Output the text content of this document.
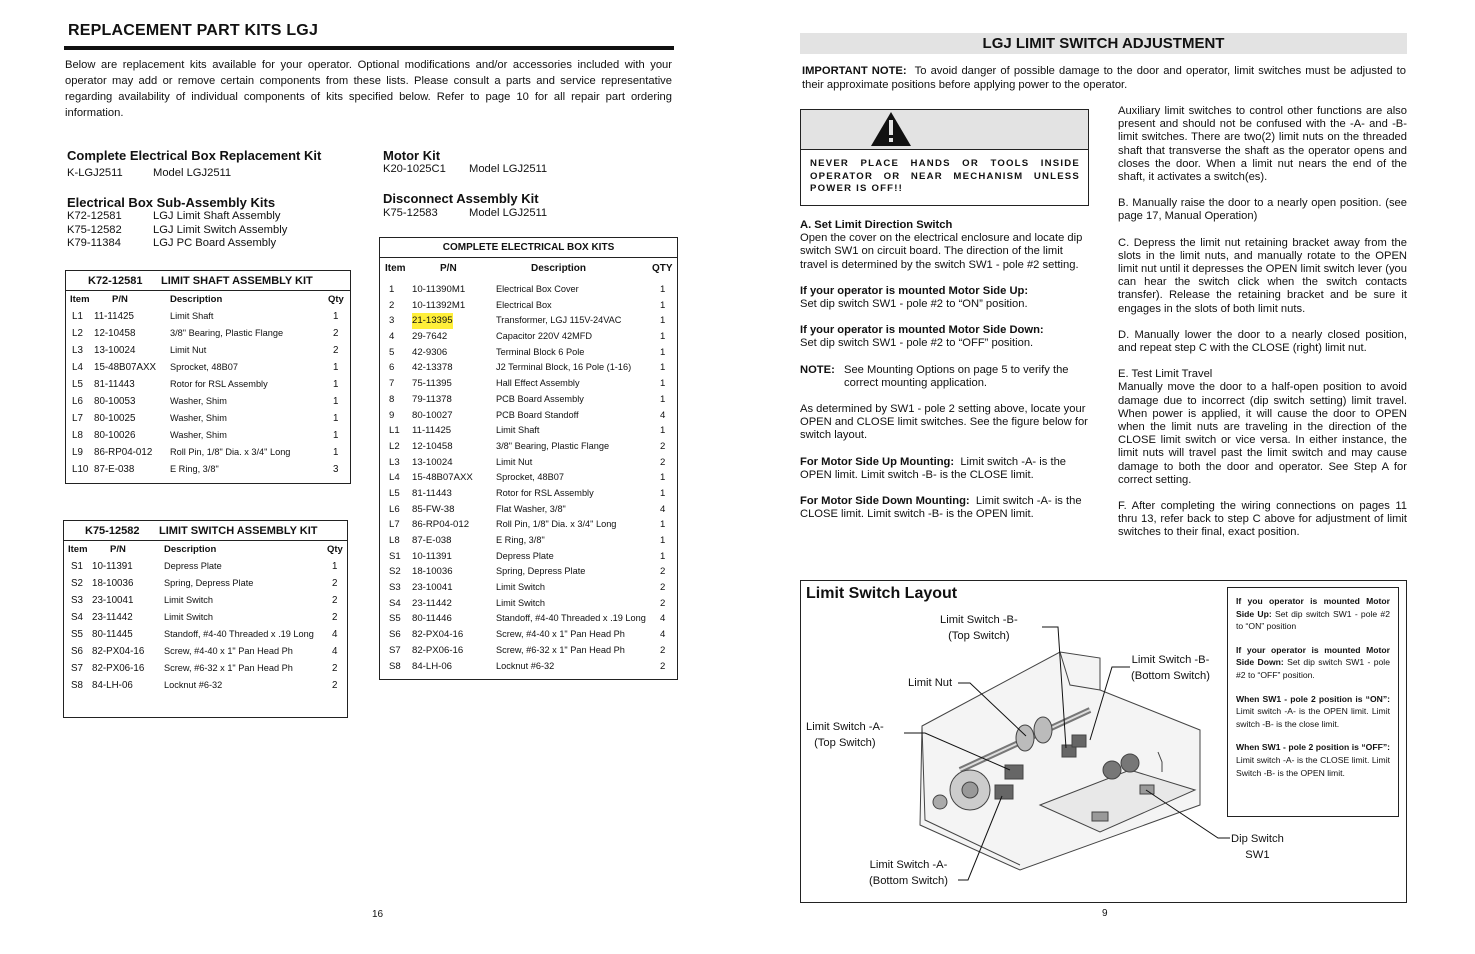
REPLACEMENT PART KITS LGJ
Below are replacement kits available for your operator. Optional modifications and/or accessories included with your operator may add or remove certain components from these lists. Please consult a parts and service representative regarding availability of individual components of kits specified below. Refer to page 10 for all repair part ordering information.
Complete Electrical Box Replacement Kit
K-LGJ2511	Model LGJ2511
Electrical Box Sub-Assembly Kits
K72-12581	LGJ Limit Shaft Assembly
K75-12582	LGJ Limit Switch Assembly
K79-11384	LGJ PC Board Assembly
Motor Kit
K20-1025C1 Model LGJ2511
Disconnect Assembly Kit
K75-12583	Model LGJ2511
K72-12581 LIMIT SHAFT ASSEMBLY KIT
Item P/N	Description	Qty
L1 11-11425	Limit Shaft	1
L2 12-10458	3/8" Bearing, Plastic Flange	2
L3 13-10024	Limit Nut	2
L4 15-48B07AXX Sprocket, 48B07	1
L5 81-11443	Rotor for RSL Assembly	1
L6 80-10053	Washer, Shim	1
L7 80-10025	Washer, Shim	1
L8 80-10026	Washer, Shim	1
L9 86-RP04-012 Roll Pin, 1/8" Dia. x 3/4" Long	1
L10 87-E-038	E Ring, 3/8"	3
K75-12582 LIMIT SWITCH ASSEMBLY KIT
Item P/N	Description	Qty
S1 10-11391	Depress Plate	1
S2 18-10036	Spring, Depress Plate	2
S3 23-10041	Limit Switch	2
S4 23-11442	Limit Switch	2
S5 80-11445	Standoff, #4-40 Threaded x .19 Long 4
S6 82-PX04-16 Screw, #4-40 x 1" Pan Head Ph	4
S7 82-PX06-16 Screw, #6-32 x 1" Pan Head Ph	2
S8 84-LH-06	Locknut #6-32	2
COMPLETE ELECTRICAL BOX KITS
Item	P/N	Description	QTY
1 10-11390M1	Electrical Box Cover	1
2 10-11392M1	Electrical Box	1
3 21-13395	Transformer, LGJ 115V-24VAC	1
4 29-7642	Capacitor 220V 42MFD	1
5 42-9306	Terminal Block 6 Pole	1
6 42-13378	J2 Terminal Block, 16 Pole (1-16)	1
7 75-11395	Hall Effect Assembly	1
8 79-11378	PCB Board Assembly	1
9 80-10027	PCB Board Standoff	4
L1 11-11425	Limit Shaft	1
L2 12-10458	3/8" Bearing, Plastic Flange	2
L3 13-10024	Limit Nut	2
L4 15-48B07AXX	Sprocket, 48B07	1
L5 81-11443	Rotor for RSL Assembly	1
L6 85-FW-38	Flat Washer, 3/8"	4
L7 86-RP04-012	Roll Pin, 1/8" Dia. x 3/4" Long	1
L8 87-E-038	E Ring, 3/8"	1
S1 10-11391	Depress Plate	1
S2 18-10036	Spring, Depress Plate	2
S3 23-10041	Limit Switch	2
S4 23-11442	Limit Switch	2
S5 80-11446	Standoff, #4-40 Threaded x .19 Long 4
S6 82-PX04-16	Screw, #4-40 x 1" Pan Head Ph	4
S7 82-PX06-16	Screw, #6-32 x 1" Pan Head Ph	2
S8 84-LH-06	Locknut #6-32	2
16
LGJ LIMIT SWITCH ADJUSTMENT
IMPORTANT NOTE: To avoid danger of possible damage to the door and operator, limit switches must be adjusted to their approximate positions before applying power to the operator.
NEVER PLACE HANDS OR TOOLS INSIDE OPERATOR OR NEAR MECHANISM UNLESS POWER IS OFF!!
A. Set Limit Direction Switch

Open the cover on the electrical enclosure and locate dip switch SW1 on circuit board. The direction of the limit travel is determined by the switch SW1 - pole #2 setting.

If your operator is mounted Motor Side Up:

Set dip switch SW1 - pole #2 to “ON” position.

If your operator is mounted Motor Side Down:

Set dip switch SW1 - pole #2 to “OFF” position.

NOTE: See Mounting Options on page 5 to verify the correct mounting application.

As determined by SW1 - pole 2 setting above, locate your OPEN and CLOSE limit switches. See the figure below for switch layout.

For Motor Side Up Mounting: Limit switch -A- is the OPEN limit. Limit switch -B- is the CLOSE limit.

For Motor Side Down Mounting: Limit switch -A- is the CLOSE limit. Limit switch -B- is the OPEN limit.

Auxiliary limit switches to control other functions are also present and should not be confused with the -A- and -B- limit switches. There are two(2) limit nuts on the threaded shaft that transverse the shaft as the operator opens and closes the door. When a limit nut nears the end of the shaft, it activates a switch(es).

B. Manually raise the door to a nearly open position. (see page 17, Manual Operation)

C. Depress the limit nut retaining bracket away from the slots in the limit nuts, and manually rotate to the OPEN limit nut until it depresses the OPEN limit switch lever (you can hear the switch click when the switch contacts transfer). Release the retaining bracket and be sure it engages in the slots of both limit nuts.

D. Manually lower the door to a nearly closed position, and repeat step C with the CLOSE (right) limit nut.

E. Test Limit Travel

Manually move the door to a half-open position to avoid damage due to incorrect (dip switch setting) limit travel. When power is applied, it will cause the door to OPEN when the limit nuts are traveling in the direction of the CLOSE limit switch or vice versa. In either instance, the limit nuts will travel past the limit switch and may cause damage to both the door and operator. See Step A for correct setting.

F. After completing the wiring connections on pages 11 thru 13, refer back to step C above for adjustment of limit switches to their final, exact position.

Limit Switch Layout
Limit Switch -B-
(Top Switch)
Limit Switch -B-
(Bottom Switch)
Limit Nut
Limit Switch -A-
(Top Switch)
Limit Switch -A-
(Bottom Switch)
Dip Switch
SW1

If you operator is mounted Motor Side Up: Set dip switch SW1 - pole #2 to “ON” position

If your operator is mounted Motor Side Down: Set dip switch SW1 - pole #2 to “OFF” position.

When SW1 - pole 2 position is “ON”: Limit switch -A- is the OPEN limit. Limit switch -B- is the close limit.

When SW1 - pole 2 position is “OFF”: Limit switch -A- is the CLOSE limit. Limit Switch -B- is the OPEN limit.

9
